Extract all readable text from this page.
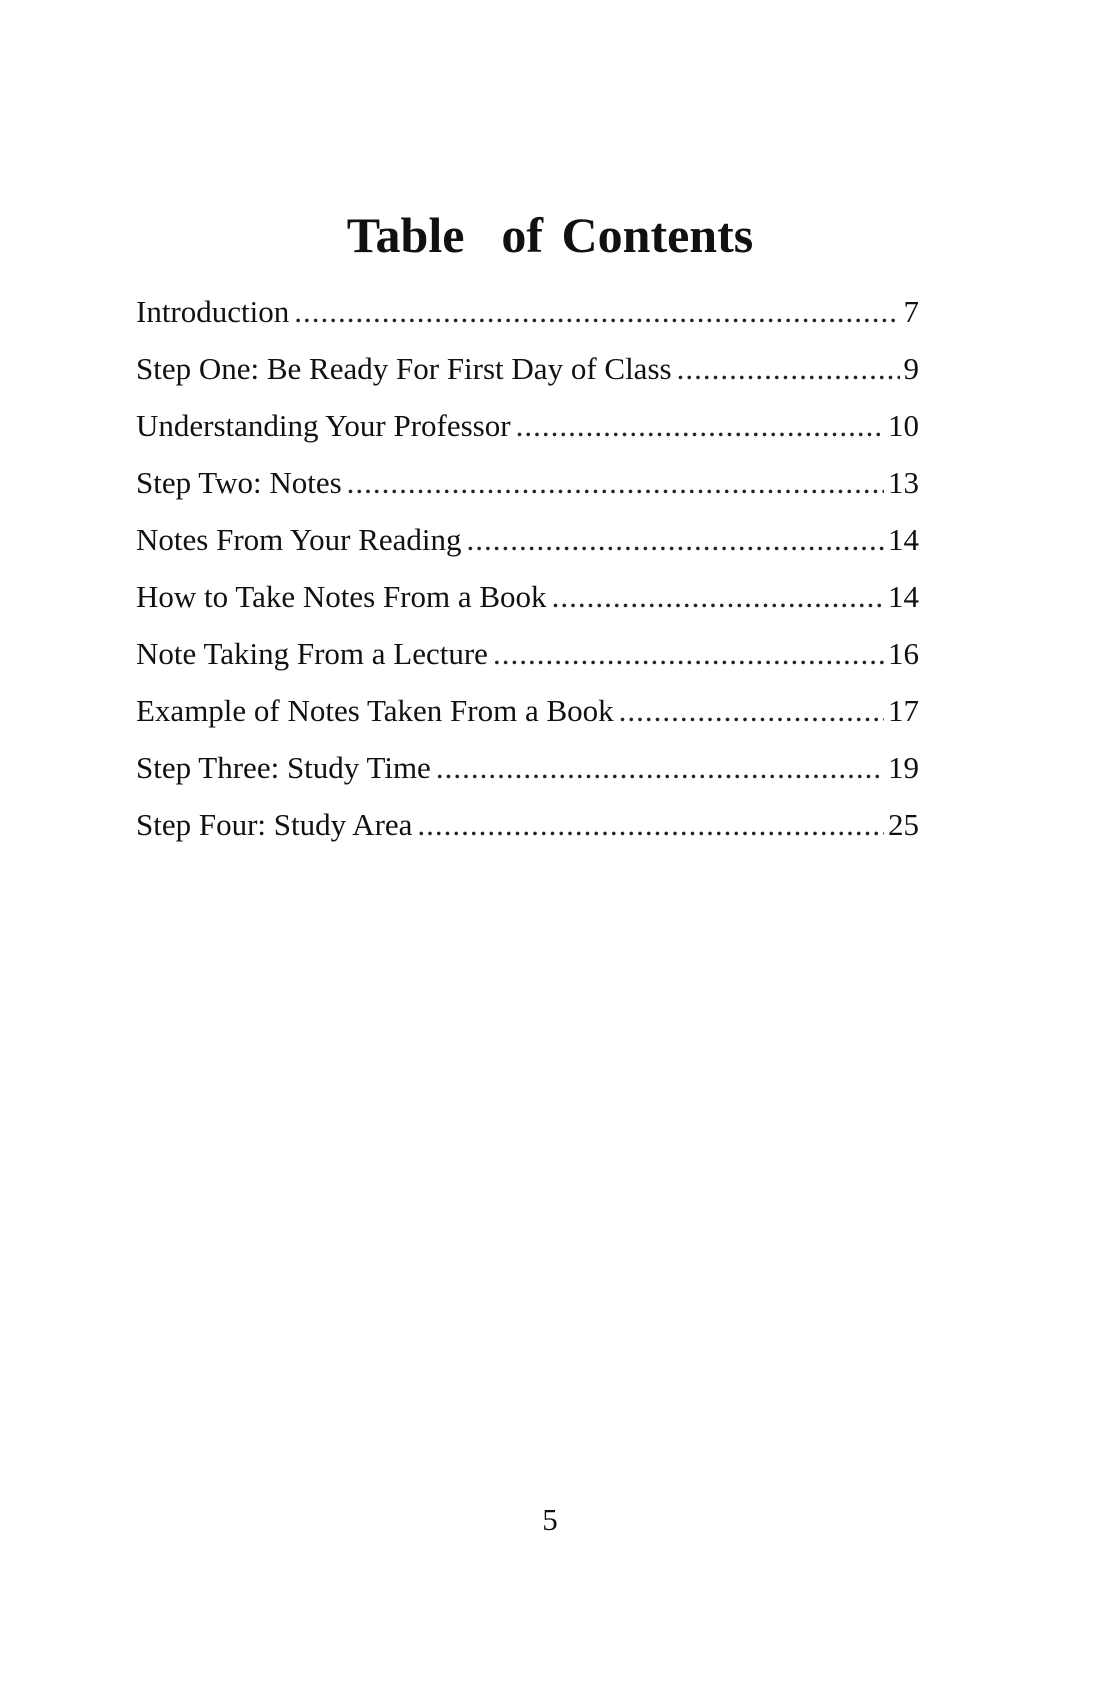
Table  of Contents
Introduction .....	7
Step One: Be Ready For First Day of Class .....	9
Understanding Your Professor .....	10
Step Two: Notes .....	13
Notes From Your Reading .....	14
How to Take Notes From a Book .....	14
Note Taking From a Lecture .....	16
Example of Notes Taken From a Book .....	17
Step Three: Study Time .....	19
Step Four: Study Area .....	25
5
